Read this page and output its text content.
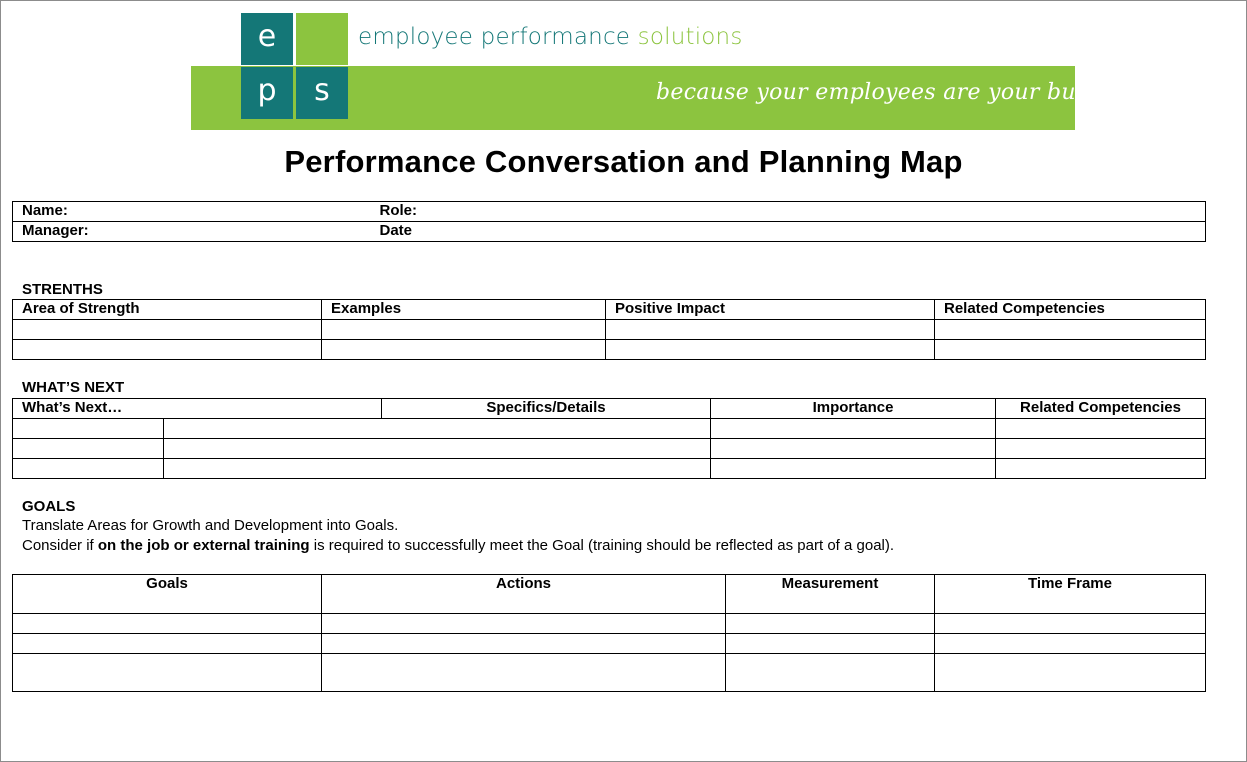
e
p	s
employee performance solutions
because your employees are your business
Performance Conversation and Planning Map
Name:	Role:
Manager:	Date
STRENTHS
Area of Strength	Examples	Positive Impact	Related Competencies

WHAT’S NEXT
What’s Next…	Specifics/Details	Importance	Related Competencies

GOALS
Translate Areas for Growth and Development into Goals.
Consider if on the job or external training is required to successfully meet the Goal (training should be reflected as part of a goal).
Goals	Actions	Measurement	Time Frame
